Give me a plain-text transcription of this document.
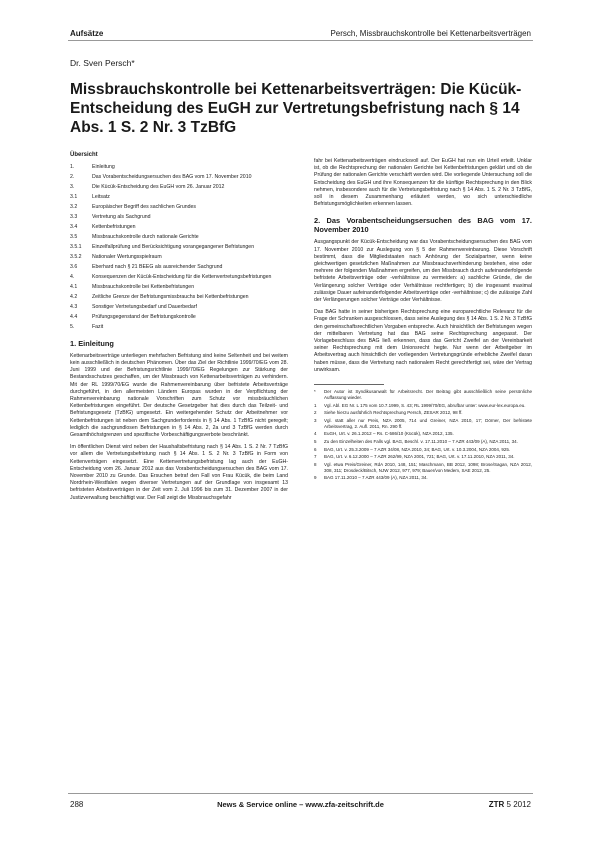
Aufsätze	Persch, Missbrauchskontrolle bei Kettenarbeitsverträgen
Dr. Sven Persch*
Missbrauchskontrolle bei Kettenarbeitsverträgen: Die Kücük-Entscheidung des EuGH zur Vertretungsbefristung nach § 14 Abs. 1 S. 2 Nr. 3 TzBfG
Übersicht
1.	Einleitung
2.	Das Vorabentscheidungsersuchen des BAG vom 17. November 2010
3.	Die Kücük-Entscheidung des EuGH vom 26. Januar 2012
3.1	Leitsatz
3.2	Europäischer Begriff des sachlichen Grundes
3.3	Vertretung als Sachgrund
3.4	Kettenbefristungen
3.5	Missbrauchskontrolle durch nationale Gerichte
3.5.1	Einzelfallprüfung und Berücksichtigung vorangegangener Befristungen
3.5.2	Nationaler Wertungsspielraum
3.6	Eberhard nach § 21 BEEG als ausreichender Sachgrund
4.	Konsequenzen der Kücük-Entscheidung für die Kettenvertretungsbefristungen
4.1	Missbrauchskontrolle bei Kettenbefristungen
4.2	Zeitliche Grenze der Befristungsmissbrauchs bei Kettenbefristungen
4.3	Sonstiger Vertretungsbedarf und Dauerbedarf
4.4	Prüfungsgegenstand der Befristungskontrolle
5.	Fazit
1. Einleitung

Kettenarbeitsverträge unterliegen mehrfachen Befristung sind keine Seltenheit und bei weitem kein ausschließlich in deutschen Phänomen. Über das Ziel der Richtlinie 1999/70/EG vom 28. Juni 1999 und der Befristungsrichtlinie 1999/70/EG Regelungen zur Stärkung der Bestandsschutzes geschaffen, um der Missbrauch von Kettenarbeitsverträgen zu verhindern. Mit der RL 1999/70/EG wurde die Rahmenvereinbarung über befristete Arbeitsverträge durchgeführt, in den allermeisten Ländern Europas wurden in der Verpflichtung der Rahmenvereinbarung nationale Vorschriften zum Schutz vor missbräuchlichen Kettenbefristungen eingeführt. Der deutsche Gesetzgeber hat dies durch das Teilzeit- und Befristungsgesetz (TzBfG) umgesetzt. Ein weitergehender Schutz der Arbeitnehmer vor Kettenbefristungen ist neben dem Sachgrunderfordernis in § 14 Abs. 1 TzBfG nicht geregelt; lediglich die sachgrundlosen Befristungen in § 14 Abs. 2, 2a und 3 TzBfG werden durch Gesamthöchstgrenzen und spezifische Vorbeschäftigungsverbote beschränkt.

Im öffentlichen Dienst wird neben der Haushaltsbefristung nach § 14 Abs. 1 S. 2 Nr. 7 TzBfG vor allem die Vertretungsbefristung nach § 14 Abs. 1 S. 2 Nr. 3 TzBfG in Form von Kettenverträgen eingesetzt. Eine Kettenvertretungsbefristung lag auch der EuGH-Entscheidung vom 26. Januar 2012 aus das Vorabentscheidungsersuchen des BAG vom 17. November 2010 zu Grunde. Das Ersuchen betraf den Fall von Frau Kücük, die beim Land Nordrhein-Westfalen wegen diverser Vertretungen auf der Grundlage von insgesamt 13 befristeten Arbeitsverträgen in der Zeit vom 2. Juli 1996 bis zum 31. Dezember 2007 in der Justizverwaltung beschäftigt war. Der Fall zeigt die Missbrauchsgefahr

fahr bei Kettenarbeitsverträgen eindrucksvoll auf. Der EuGH hat nun ein Urteil erteilt. Unklar ist, ob die Rechtsprechung der nationalen Gerichte bei Kettenbefristungen geklärt und ob die Prüfung der nationalen Gerichte verschärft werden wird. Die vorliegende Untersuchung soll die Entscheidung des EuGH und ihre Konsequenzen für die künftige Rechtsprechung in den Blick nehmen, insbesondere auch für die Vertretungsbefristung nach § 14 Abs. 1 S. 2 Nr. 3 TzBfG, soll in diesem Zusammenhang erläutert werden, wo sich unterschiedliche Befristungsmöglichkeiten erkennen lassen.

2. Das Vorabentscheidungsersuchen des BAG vom 17. November 2010

Ausgangspunkt der Kücük-Entscheidung war das Vorabentscheidungsersuchen des BAG vom 17. November 2010 zur Auslegung von § 5 der Rahmenvereinbarung. Diese Vorschrift bestimmt, dass die Mitgliedstaaten nach Anhörung der Sozialpartner, wenn keine gleichwertigen gesetzlichen Maßnahmen zur Missbrauchsverhinderung bestehen, eine oder mehrere der folgenden Maßnahmen ergreifen, um den Missbrauch durch aufeinanderfolgende befristete Arbeitsverträge oder -verhältnisse zu vermeiden: a) sachliche Gründe, die die Verlängerung solcher Verträge oder Verhältnisse rechtfertigen; b) die insgesamt maximal zulässige Dauer aufeinanderfolgender Arbeitsverträge oder -verhältnisse; c) die zulässige Zahl der Verlängerungen solcher Verträge oder Verhältnisse.

Das BAG hatte in seiner bisherigen Rechtsprechung eine europarechtliche Relevanz für die Frage der Schranken ausgeschlossen, dass seine Auslegung des § 14 Abs. 1 S. 2 Nr. 3 TzBfG den gemeinschaftsrechtlichen Vorgaben entspreche. Auch hinsichtlich der Befristungen wegen der mittelbaren Vertretung hat das BAG seine Rechtsprechung angepasst. Der Vorlagebeschluss des BAG ließ erkennen, dass das Gericht Zweifel an der Vereinbarkeit seiner Rechtsprechung mit dem Unionsrecht hegte. Nur wenn der Arbeitgeber im Arbeitsvertrag auch hinsichtlich der vorliegenden Vertretungsgründe erhebliche Zweifel daran haben müsse, dass die Vertretung nach nationalem Recht gerechtfertigt sei, wäre der Vertrag unwirksam.

*	Der Autor ist Syndikusanwalt für Arbeitsrecht. Der Beitrag gibt ausschließlich seine persönliche Auffassung wieder.
1	Vgl. Abl. EG Nr. L 175 vom 10.7.1999, S. 43; RL 1999/70/EG, abrufbar unter: www.eur-lex.europa.eu.
2	Siehe hierzu ausführlich Rechtsprechung Persch, ZESAR 2012, 98 ff.
3	Vgl. statt aller nur Preis, NZA 2005, 714 und Greiner, NZA 2010, 17; Dörner, Der befristete Arbeitsvertrag, 2. Aufl. 2011, Rn. 290 ff.
4	EuGH, Urt. v. 26.1.2012 – Rs. C-586/10 (Kücük), NZA 2012, 135.
5	Zu den Einzelheiten des Falls vgl. BAG, Beschl. v. 17.11.2010 – 7 AZR 443/09 (A), NZA 2011, 34.
6	BAG, Urt. v. 25.3.2009 – 7 AZR 34/08, NZA 2010, 34; BAG, Urt. v. 10.3.2004, NZA 2004, 925.
7	BAG, Urt. v. 6.12.2000 – 7 AZR 262/99, NZA 2001, 721; BAG, Urt. v. 17.11.2010, NZA 2011, 34.
8	Vgl. etwa Preis/Greiner, RdA 2010, 148, 151; Maschmann, BB 2012, 1098; Brose/Sagan, NZA 2012, 308, 311; Drosdeck/Bitsch, NJW 2012, 977, 979; Bauer/von Medem, SAE 2012, 25.
9	BAG 17.11.2010 – 7 AZR 443/09 (A), NZA 2011, 34.
288	News & Service online – www.zfa-zeitschrift.de	ZTR 5 2012
